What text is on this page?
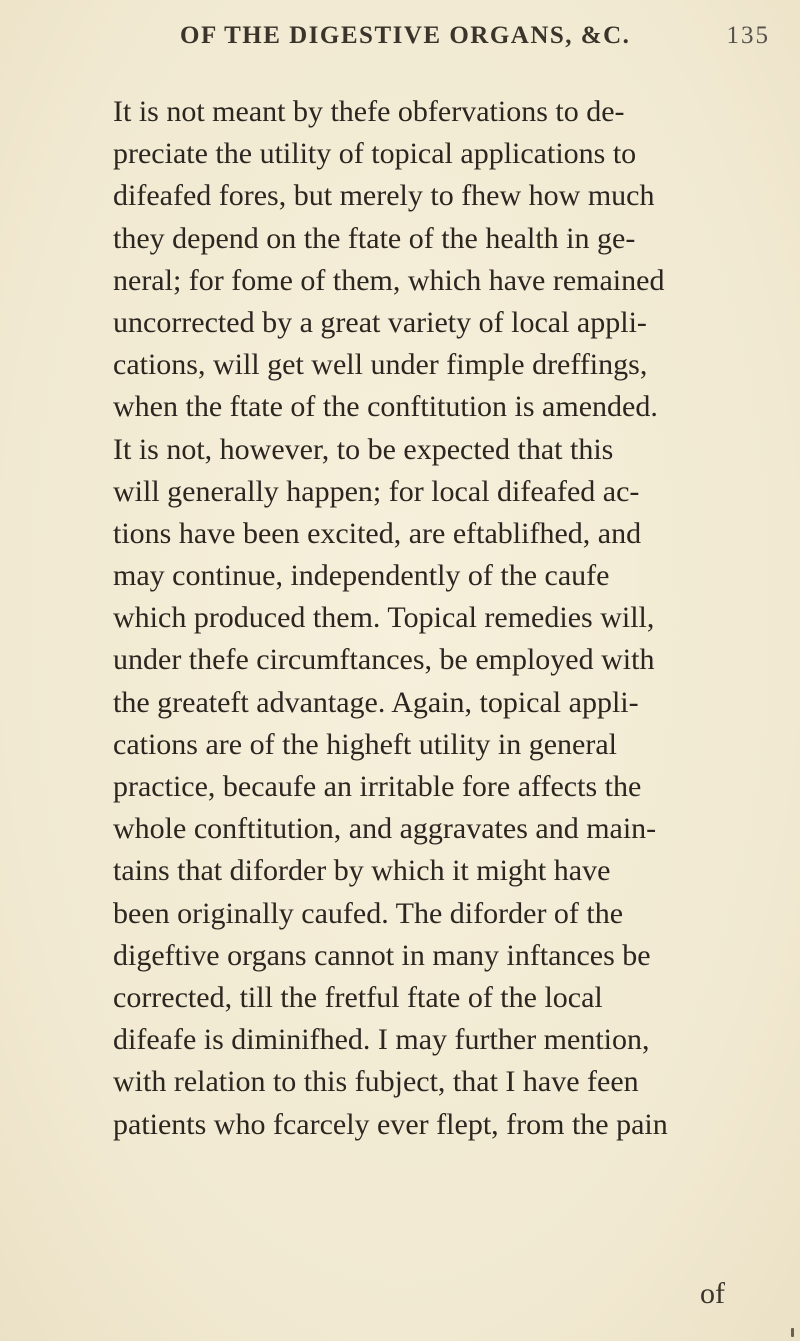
OF THE DIGESTIVE ORGANS, &C.	135
It is not meant by thefe obfervations to de-
preciate the utility of topical applications to
difeafed fores, but merely to fhew how much
they depend on the ftate of the health in ge-
neral; for fome of them, which have remained
uncorrected by a great variety of local appli-
cations, will get well under fimple dreffings,
when the ftate of the conftitution is amended.
It is not, however, to be expected that this
will generally happen; for local difeafed ac-
tions have been excited, are eftablifhed, and
may continue, independently of the caufe
which produced them. Topical remedies will,
under thefe circumftances, be employed with
the greateft advantage. Again, topical appli-
cations are of the higheft utility in general
practice, becaufe an irritable fore affects the
whole conftitution, and aggravates and main-
tains that diforder by which it might have
been originally caufed. The diforder of the
digeftive organs cannot in many inftances be
corrected, till the fretful ftate of the local
difeafe is diminifhed. I may further mention,
with relation to this fubject, that I have feen
patients who fcarcely ever flept, from the pain
of
